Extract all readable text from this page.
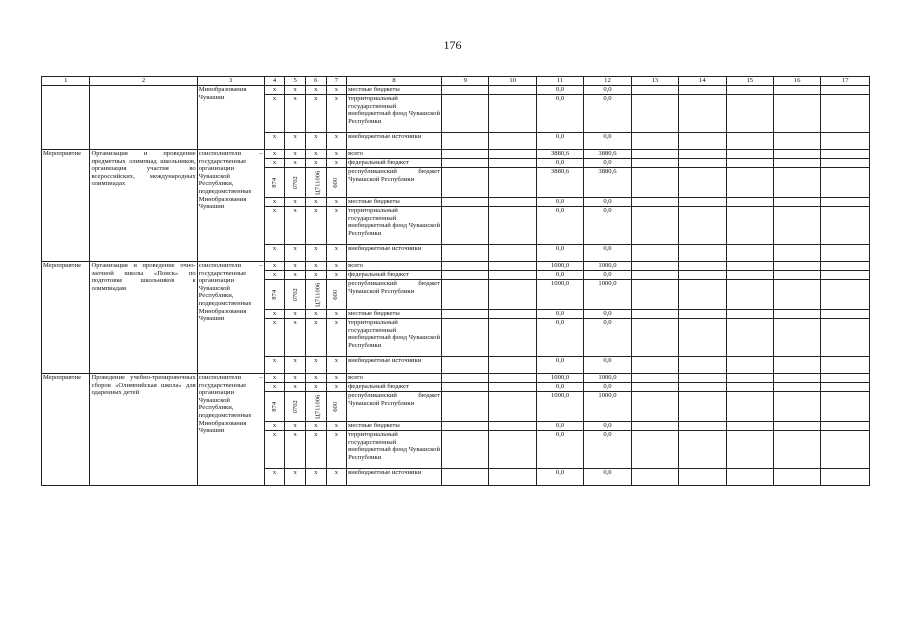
176
1	2	3	4	5	6	7	8	9	10	11	12	13	14	15	16	17
		Минобразования Чувашии	x	x	x	x	местные бюджеты			0,0	0,0					
			x	x	x	x	территориальный государственный внебюджетный фонд Чувашской Республики			0,0	0,0					
			x	x	x	x	внебюджетные источники			0,0	0,0					
Мероприятие	Организация и проведение предметных олимпиад школьников, организация участия во всероссийских, международных олимпиадах	соисполнители – государственные организации Чувашской Республики, подведомственные Минобразования Чувашии	x	x	x	x	всего			3880,6	3880,6					
			x	x	x	x	федеральный бюджет			0,0	0,0					
			874	0702	Ц711006	600	республиканский бюджет Чувашской Республики			3880,6	3880,6					
			x	x	x	x	местные бюджеты			0,0	0,0					
			x	x	x	x	территориальный государственный внебюджетный фонд Чувашской Республики			0,0	0,0					
			x	x	x	x	внебюджетные источники			0,0	0,0					
Мероприятие	Организация и проведение очно-заочной школы «Поиск» по подготовке школьников к олимпиадам	соисполнители – государственные организации Чувашской Республики, подведомственные Минобразования Чувашии	x	x	x	x	всего			1000,0	1000,0					
			x	x	x	x	федеральный бюджет			0,0	0,0					
			874	0702	Ц711006	600	республиканский бюджет Чувашской Республики			1000,0	1000,0					
			x	x	x	x	местные бюджеты			0,0	0,0					
			x	x	x	x	территориальный государственный внебюджетный фонд Чувашской Республики			0,0	0,0					
			x	x	x	x	внебюджетные источники			0,0	0,0					
Мероприятие	Проведение учебно-тренировочных сборов «Олимпийская школа» для одаренных детей	соисполнители – государственные организации Чувашской Республики, подведомственные Минобразования Чувашии	x	x	x	x	всего			1000,0	1000,0					
			x	x	x	x	федеральный бюджет			0,0	0,0					
			874	0702	Ц711006	600	республиканский бюджет Чувашской Республики			1000,0	1000,0					
			x	x	x	x	местные бюджеты			0,0	0,0					
			x	x	x	x	территориальный государственный внебюджетный фонд Чувашской Республики			0,0	0,0					
			x	x	x	x	внебюджетные источники			0,0	0,0					
